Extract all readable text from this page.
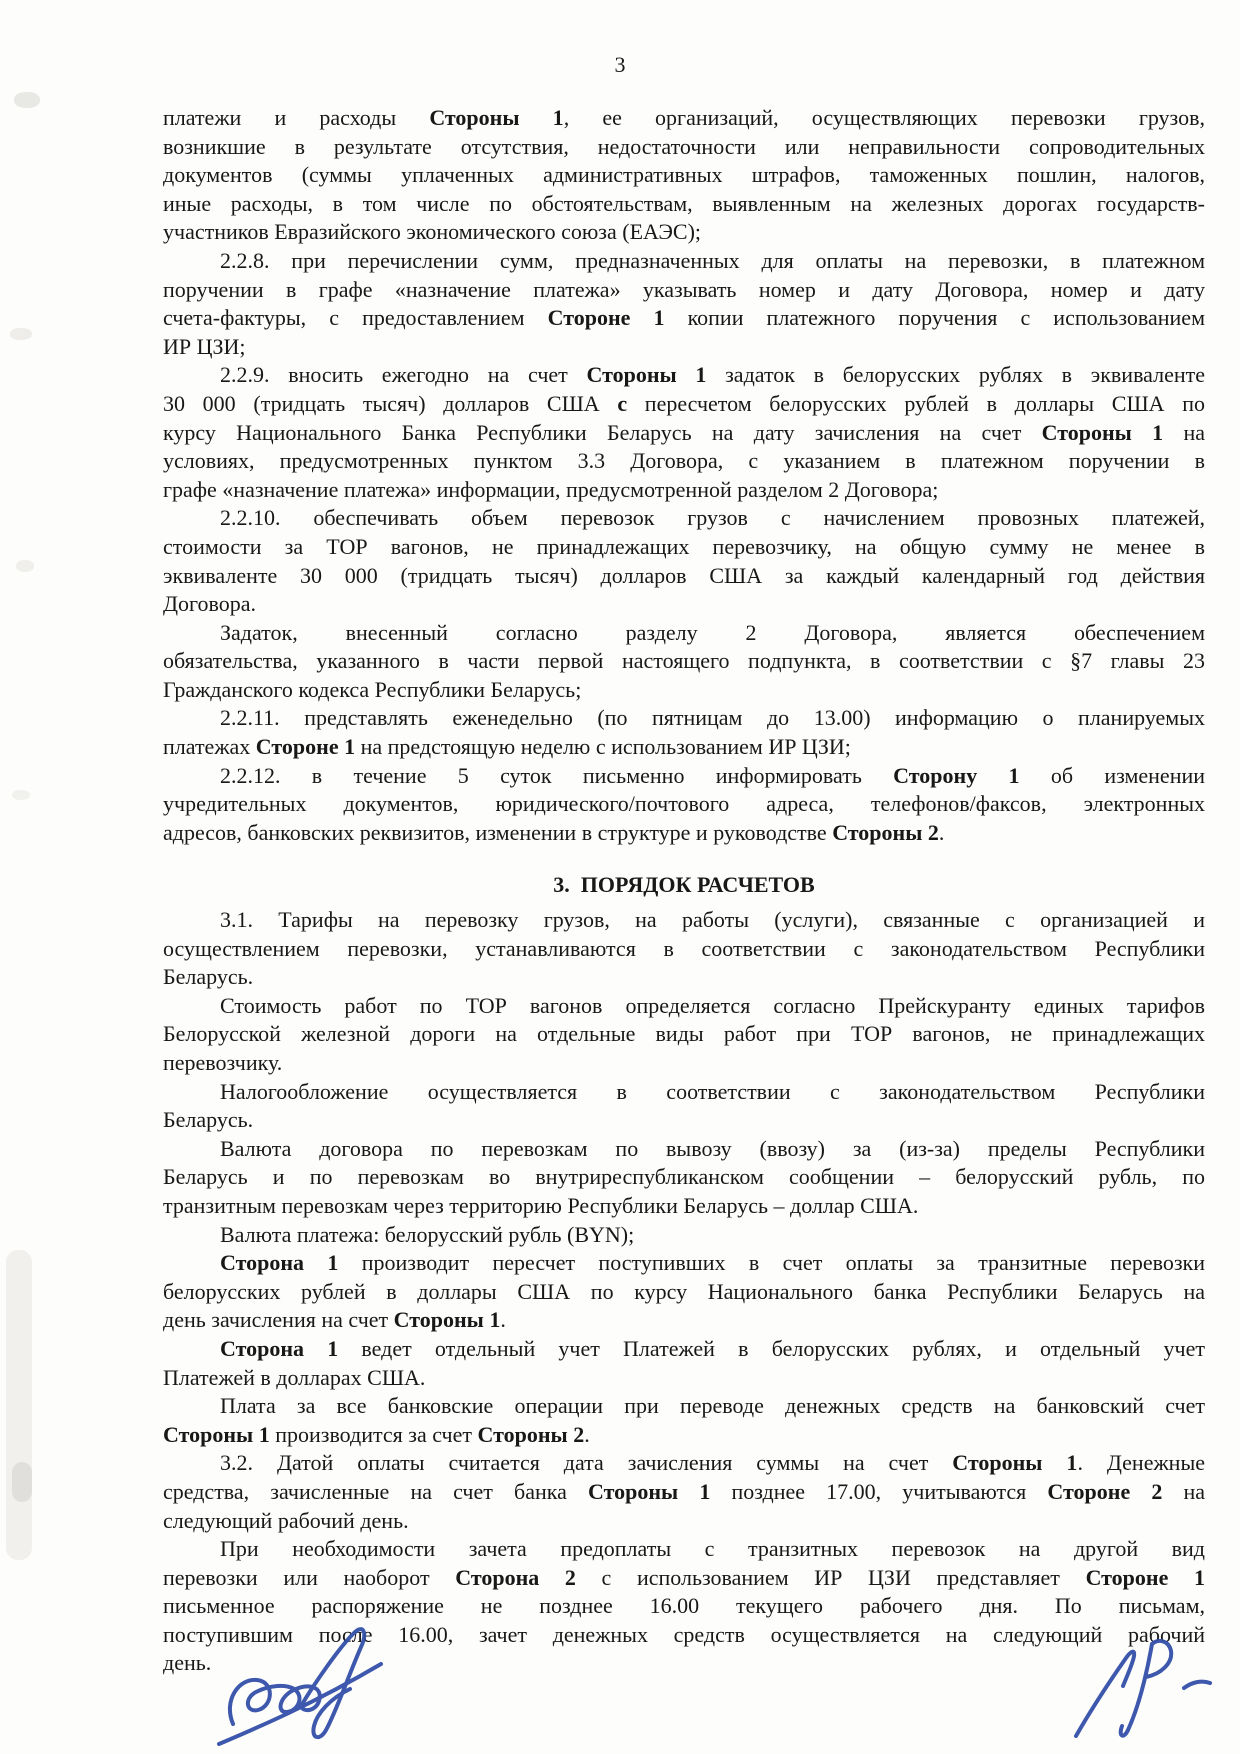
3
платежи и расходы Стороны 1, ее организаций, осуществляющих перевозки грузов,
возникшие в результате отсутствия, недостаточности или неправильности сопроводительных
документов (суммы уплаченных административных штрафов, таможенных пошлин, налогов,
иные расходы, в том числе по обстоятельствам, выявленным на железных дорогах государств-
участников Евразийского экономического союза (ЕАЭС);
2.2.8. при перечислении сумм, предназначенных для оплаты на перевозки, в платежном
поручении в графе «назначение платежа» указывать номер и дату Договора, номер и дату
счета-фактуры, с предоставлением Стороне 1 копии платежного поручения с использованием
ИР ЦЗИ;
2.2.9. вносить ежегодно на счет Стороны 1 задаток в белорусских рублях в эквиваленте
30 000 (тридцать тысяч) долларов США с пересчетом белорусских рублей в доллары США по
курсу Национального Банка Республики Беларусь на дату зачисления на счет Стороны 1 на
условиях, предусмотренных пунктом 3.3 Договора, с указанием в платежном поручении в
графе «назначение платежа» информации, предусмотренной разделом 2 Договора;
2.2.10. обеспечивать объем перевозок грузов с начислением провозных платежей,
стоимости за ТОР вагонов, не принадлежащих перевозчику, на общую сумму не менее в
эквиваленте 30 000 (тридцать тысяч) долларов США за каждый календарный год действия
Договора.
Задаток, внесенный согласно разделу 2 Договора, является обеспечением
обязательства, указанного в части первой настоящего подпункта, в соответствии с §7 главы 23
Гражданского кодекса Республики Беларусь;
2.2.11. представлять еженедельно (по пятницам до 13.00) информацию о планируемых
платежах Стороне 1 на предстоящую неделю с использованием ИР ЦЗИ;
2.2.12. в течение 5 суток письменно информировать Сторону 1 об изменении
учредительных документов, юридического/почтового адреса, телефонов/факсов, электронных
адресов, банковских реквизитов, изменении в структуре и руководстве Стороны 2.
3.  ПОРЯДОК РАСЧЕТОВ
3.1. Тарифы на перевозку грузов, на работы (услуги), связанные с организацией и
осуществлением перевозки, устанавливаются в соответствии с законодательством Республики
Беларусь.
Стоимость работ по ТОР вагонов определяется согласно Прейскуранту единых тарифов
Белорусской железной дороги на отдельные виды работ при ТОР вагонов, не принадлежащих
перевозчику.
Налогообложение осуществляется в соответствии с законодательством Республики
Беларусь.
Валюта договора по перевозкам по вывозу (ввозу) за (из-за) пределы Республики
Беларусь и по перевозкам во внутриреспубликанском сообщении – белорусский рубль, по
транзитным перевозкам через территорию Республики Беларусь – доллар США.
Валюта платежа: белорусский рубль (BYN);
Сторона 1 производит пересчет поступивших в счет оплаты за транзитные перевозки
белорусских рублей в доллары США по курсу Национального банка Республики Беларусь на
день зачисления на счет Стороны 1.
Сторона 1 ведет отдельный учет Платежей в белорусских рублях, и отдельный учет
Платежей в долларах США.
Плата за все банковские операции при переводе денежных средств на банковский счет
Стороны 1 производится за счет Стороны 2.
3.2. Датой оплаты считается дата зачисления суммы на счет Стороны 1. Денежные
средства, зачисленные на счет банка Стороны 1 позднее 17.00, учитываются Стороне 2 на
следующий рабочий день.
При необходимости зачета предоплаты с транзитных перевозок на другой вид
перевозки или наоборот Сторона 2 с использованием ИР ЦЗИ представляет Стороне 1
письменное распоряжение не позднее 16.00 текущего рабочего дня. По письмам,
поступившим после 16.00, зачет денежных средств осуществляется на следующий рабочий
день.
